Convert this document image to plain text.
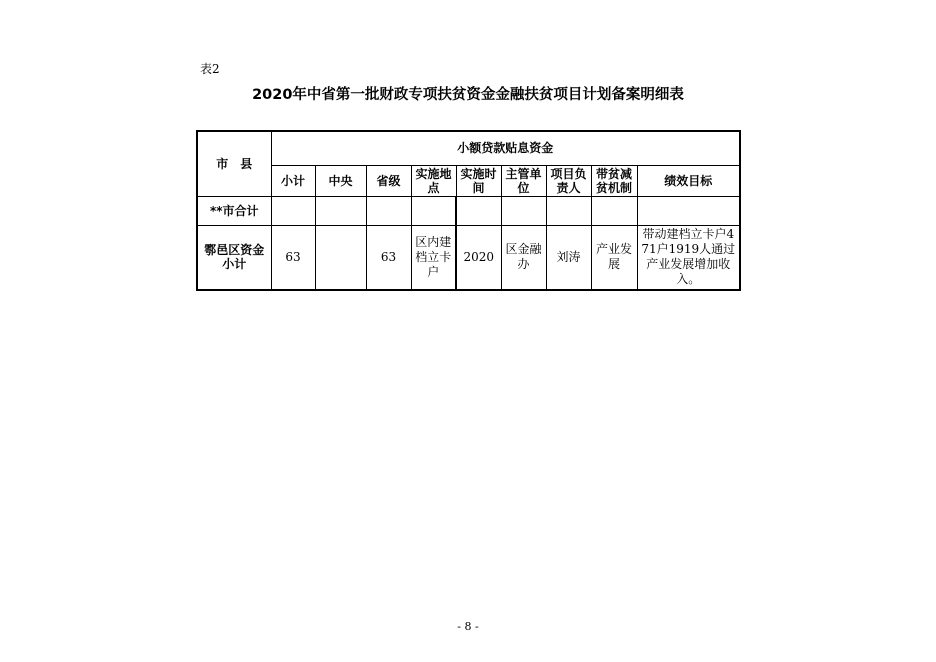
表2
2020年中省第一批财政专项扶贫资金金融扶贫项目计划备案明细表
市　县	小额贷款贴息资金								
	小计	中央	省级	实施地点	实施时间	主管单位	项目负责人	带贫减贫机制	绩效目标
**市合计									
鄠邑区资金小计	63		63	区内建档立卡户	2020	区金融办	刘涛	产业发展	带动建档立卡户471户1919人通过产业发展增加收入。
- 8 -
